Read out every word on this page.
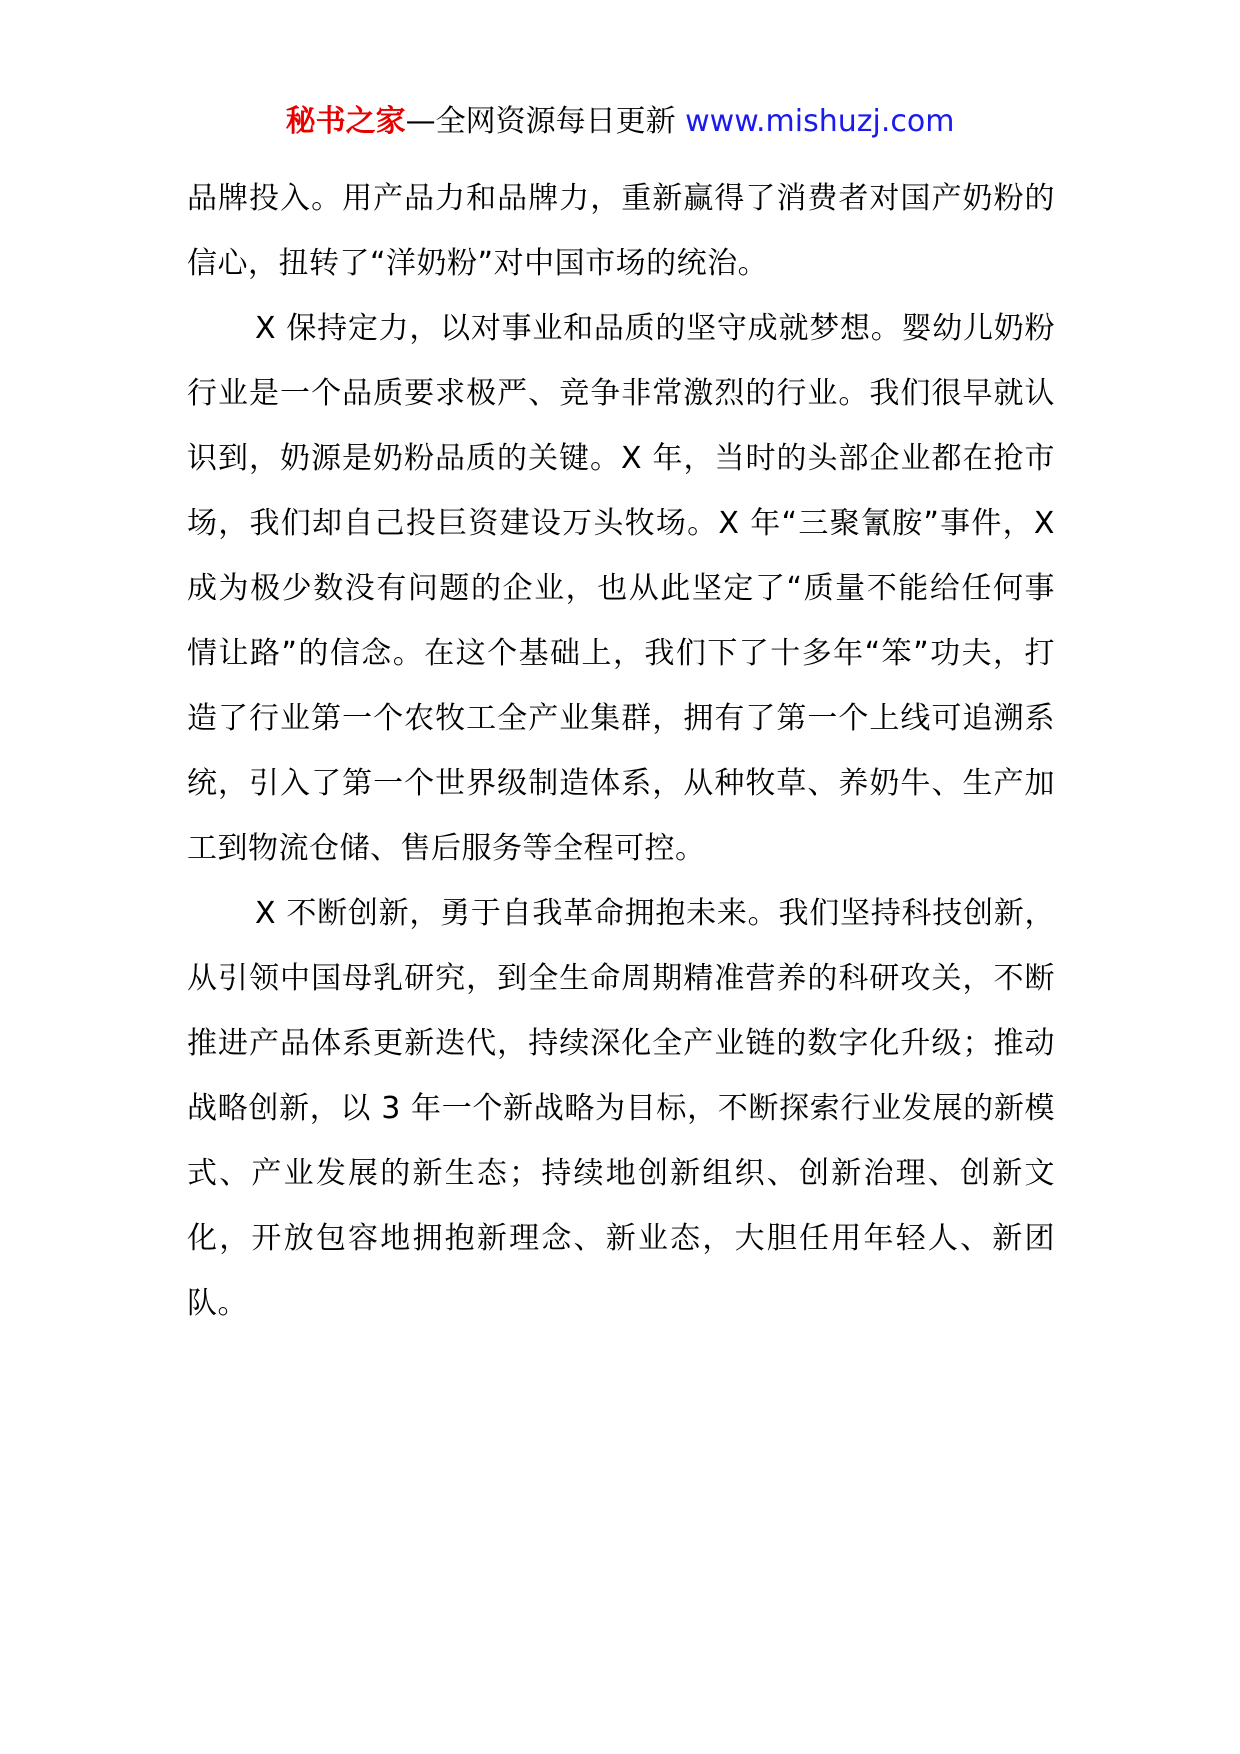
秘书之家—全网资源每日更新 www.mishuzj.com

品牌投入。用产品力和品牌力，重新赢得了消费者对国产奶粉的信心，扭转了“洋奶粉”对中国市场的统治。

X 保持定力，以对事业和品质的坚守成就梦想。婴幼儿奶粉行业是一个品质要求极严、竞争非常激烈的行业。我们很早就认识到，奶源是奶粉品质的关键。X 年，当时的头部企业都在抢市场，我们却自己投巨资建设万头牧场。X 年“三聚氰胺”事件，X 成为极少数没有问题的企业，也从此坚定了“质量不能给任何事情让路”的信念。在这个基础上，我们下了十多年“笨”功夫，打造了行业第一个农牧工全产业集群，拥有了第一个上线可追溯系统，引入了第一个世界级制造体系，从种牧草、养奶牛、生产加工到物流仓储、售后服务等全程可控。

X 不断创新，勇于自我革命拥抱未来。我们坚持科技创新，从引领中国母乳研究，到全生命周期精准营养的科研攻关，不断推进产品体系更新迭代，持续深化全产业链的数字化升级；推动战略创新，以 3 年一个新战略为目标，不断探索行业发展的新模式、产业发展的新生态；持续地创新组织、创新治理、创新文化，开放包容地拥抱新理念、新业态，大胆任用年轻人、新团队。
